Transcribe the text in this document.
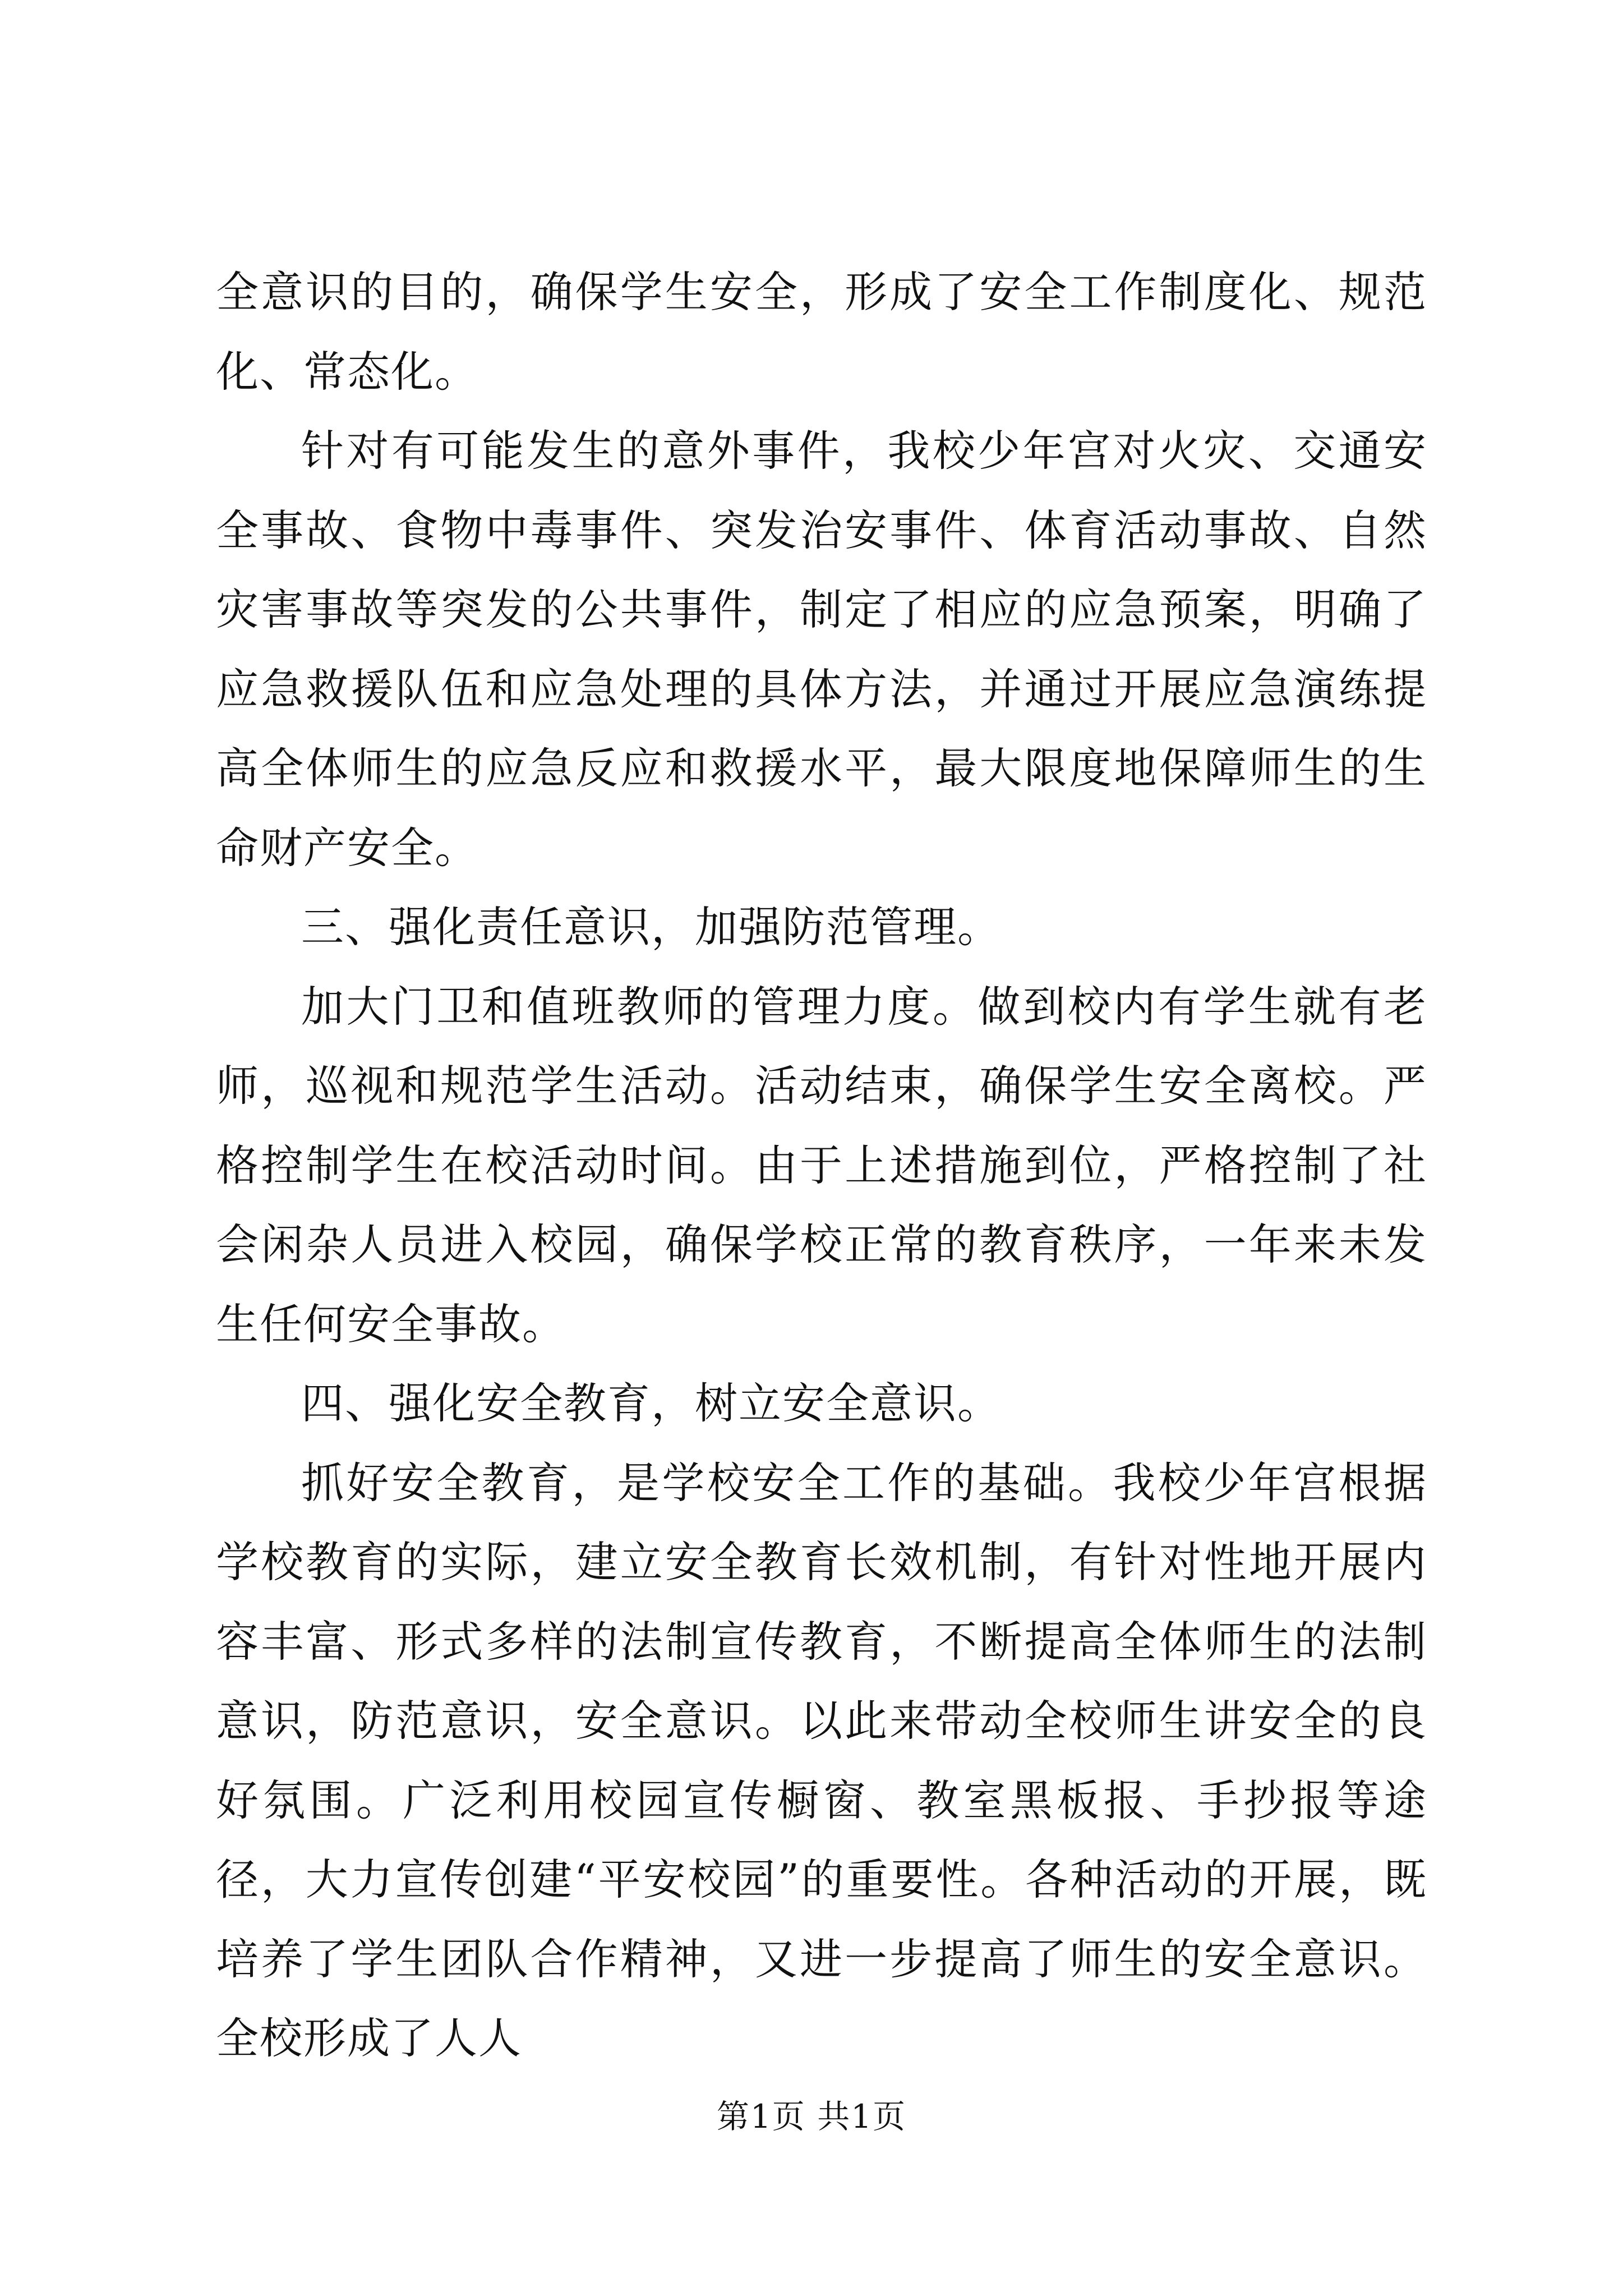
全意识的目的，确保学生安全，形成了安全工作制度化、规范化、常态化。

针对有可能发生的意外事件，我校少年宫对火灾、交通安全事故、食物中毒事件、突发治安事件、体育活动事故、自然灾害事故等突发的公共事件，制定了相应的应急预案，明确了应急救援队伍和应急处理的具体方法，并通过开展应急演练提高全体师生的应急反应和救援水平，最大限度地保障师生的生命财产安全。

三、强化责任意识，加强防范管理。

加大门卫和值班教师的管理力度。做到校内有学生就有老师，巡视和规范学生活动。活动结束，确保学生安全离校。严格控制学生在校活动时间。由于上述措施到位，严格控制了社会闲杂人员进入校园，确保学校正常的教育秩序，一年来未发生任何安全事故。

四、强化安全教育，树立安全意识。

抓好安全教育，是学校安全工作的基础。我校少年宫根据学校教育的实际，建立安全教育长效机制，有针对性地开展内容丰富、形式多样的法制宣传教育，不断提高全体师生的法制意识，防范意识，安全意识。以此来带动全校师生讲安全的良好氛围。广泛利用校园宣传橱窗、教室黑板报、手抄报等途径，大力宣传创建“平安校园”的重要性。各种活动的开展，既培养了学生团队合作精神，又进一步提高了师生的安全意识。全校形成了人人

第1页 共1页
